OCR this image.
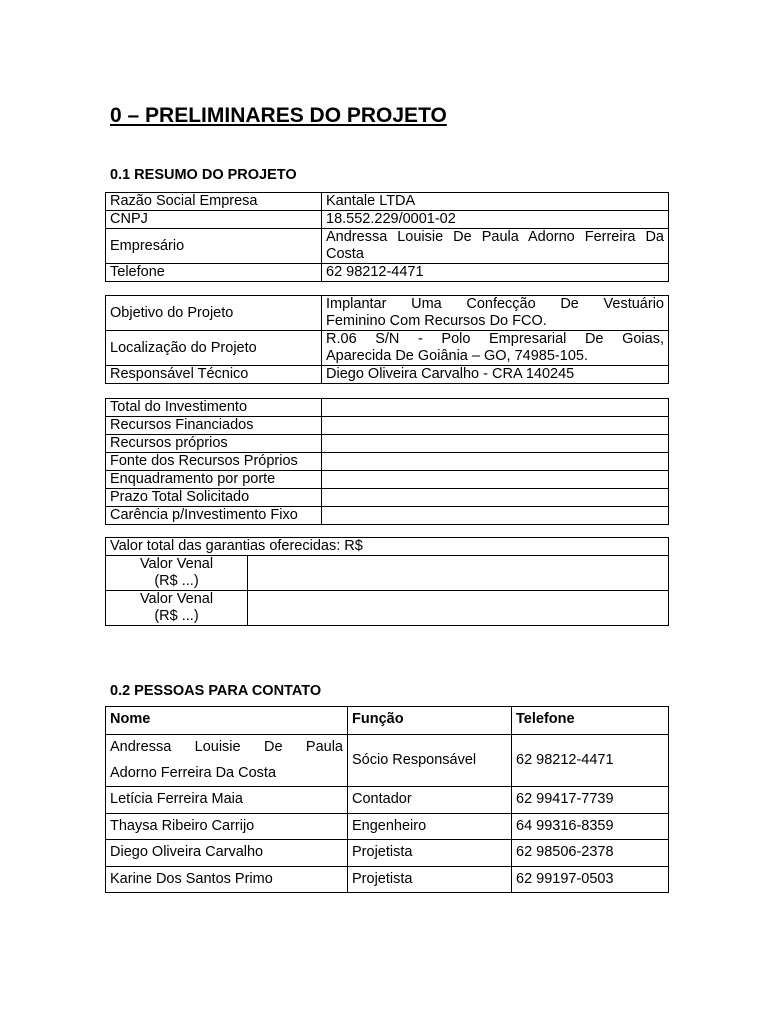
0 – PRELIMINARES DO PROJETO
0.1 RESUMO DO PROJETO
Razão Social Empresa	Kantale LTDA
CNPJ	18.552.229/0001-02
Empresário	Andressa Louisie De Paula Adorno Ferreira Da
Costa

Telefone	62 98212-4471
Objetivo do Projeto	Implantar Uma Confecção De Vestuário
Feminino Com Recursos Do FCO.

Localização do Projeto	R.06 S/N - Polo Empresarial De Goias,
Aparecida De Goiânia – GO, 74985-105.

Responsável Técnico	Diego Oliveira Carvalho - CRA 140245
Total do Investimento	
Recursos Financiados	
Recursos próprios	
Fonte dos Recursos Próprios	
Enquadramento por porte	
Prazo Total Solicitado	
Carência p/Investimento Fixo	
Valor total das garantias oferecidas: R$	

Valor Venal
(R$ ...)	

Valor Venal
(R$ ...)	

0.2 PESSOAS PARA CONTATO
Nome	Função	Telefone

Andressa Louisie De Paula
Adorno Ferreira Da Costa	Sócio Responsável	62 98212-4471
Letícia Ferreira Maia	Contador	62 99417-7739
Thaysa Ribeiro Carrijo	Engenheiro	64 99316-8359
Diego Oliveira Carvalho	Projetista	62 98506-2378
Karine Dos Santos Primo	Projetista	62 99197-0503
